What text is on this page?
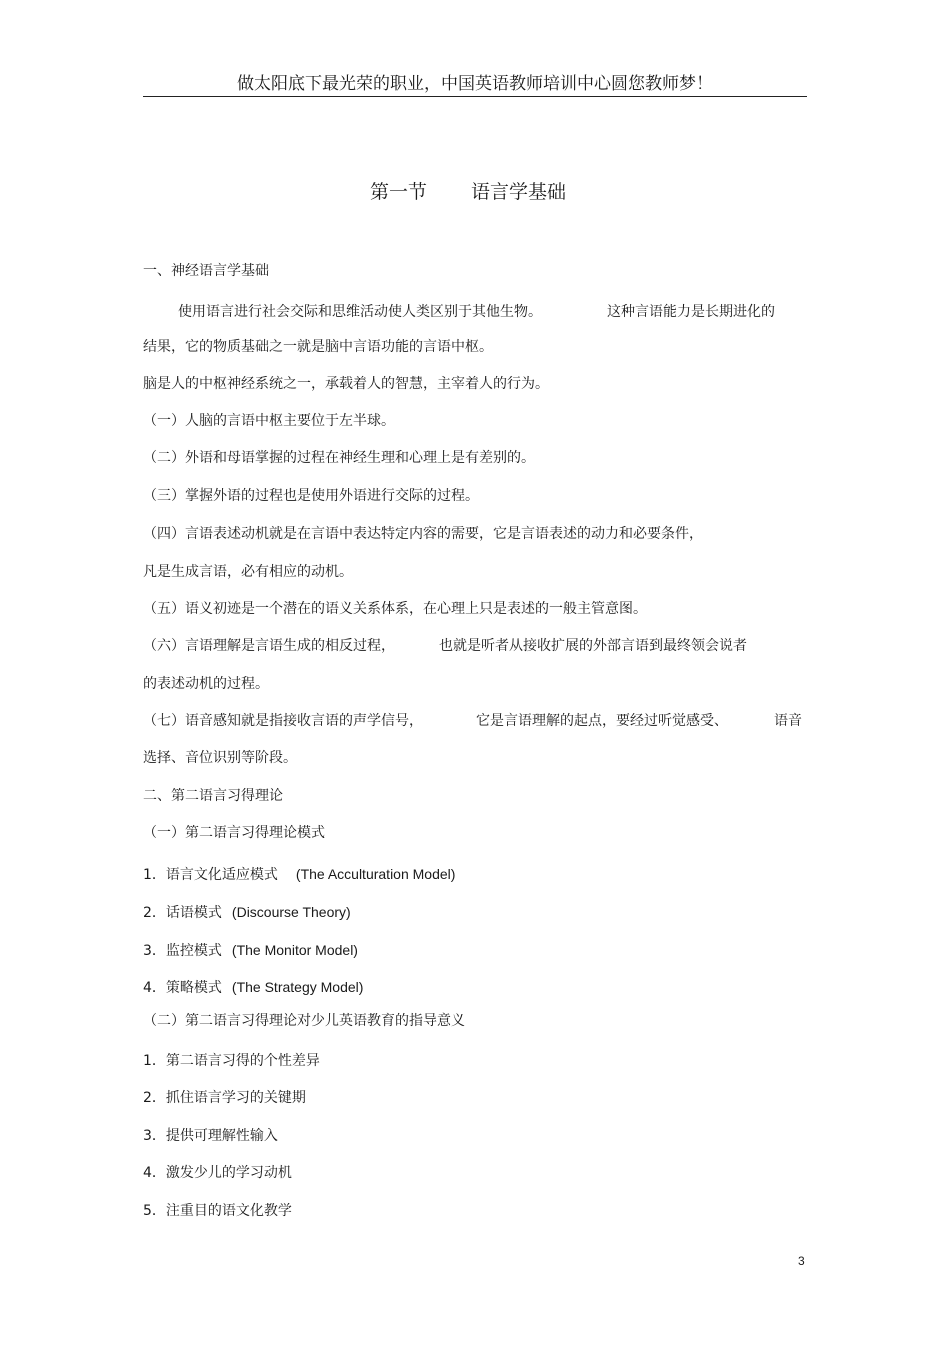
做太阳底下最光荣的职业，中国英语教师培训中心圆您教师梦！
第一节 语言学基础
一、神经语言学基础
使用语言进行社会交际和思维活动使人类区别于其他生物。	这种言语能力是长期进化的
结果，它的物质基础之一就是脑中言语功能的言语中枢。
脑是人的中枢神经系统之一，承载着人的智慧，主宰着人的行为。
（一）人脑的言语中枢主要位于左半球。
（二）外语和母语掌握的过程在神经生理和心理上是有差别的。
（三）掌握外语的过程也是使用外语进行交际的过程。
（四）言语表述动机就是在言语中表达特定内容的需要，它是言语表述的动力和必要条件，
凡是生成言语，必有相应的动机。
（五）语义初迹是一个潜在的语义关系体系，在心理上只是表述的一般主管意图。
（六）言语理解是言语生成的相反过程，	也就是听者从接收扩展的外部言语到最终领会说者
的表述动机的过程。
（七）语音感知就是指接收言语的声学信号，	它是言语理解的起点，要经过听觉感受、	语音
选择、音位识别等阶段。
二、第二语言习得理论
（一）第二语言习得理论模式
1．语言文化适应模式 (The Acculturation Model)
2．话语模式 (Discourse Theory)
3．监控模式 (The Monitor Model)
4．策略模式 (The Strategy Model)
（二）第二语言习得理论对少儿英语教育的指导意义
1．第二语言习得的个性差异
2．抓住语言学习的关键期
3．提供可理解性输入
4．激发少儿的学习动机
5．注重目的语文化教学
3
